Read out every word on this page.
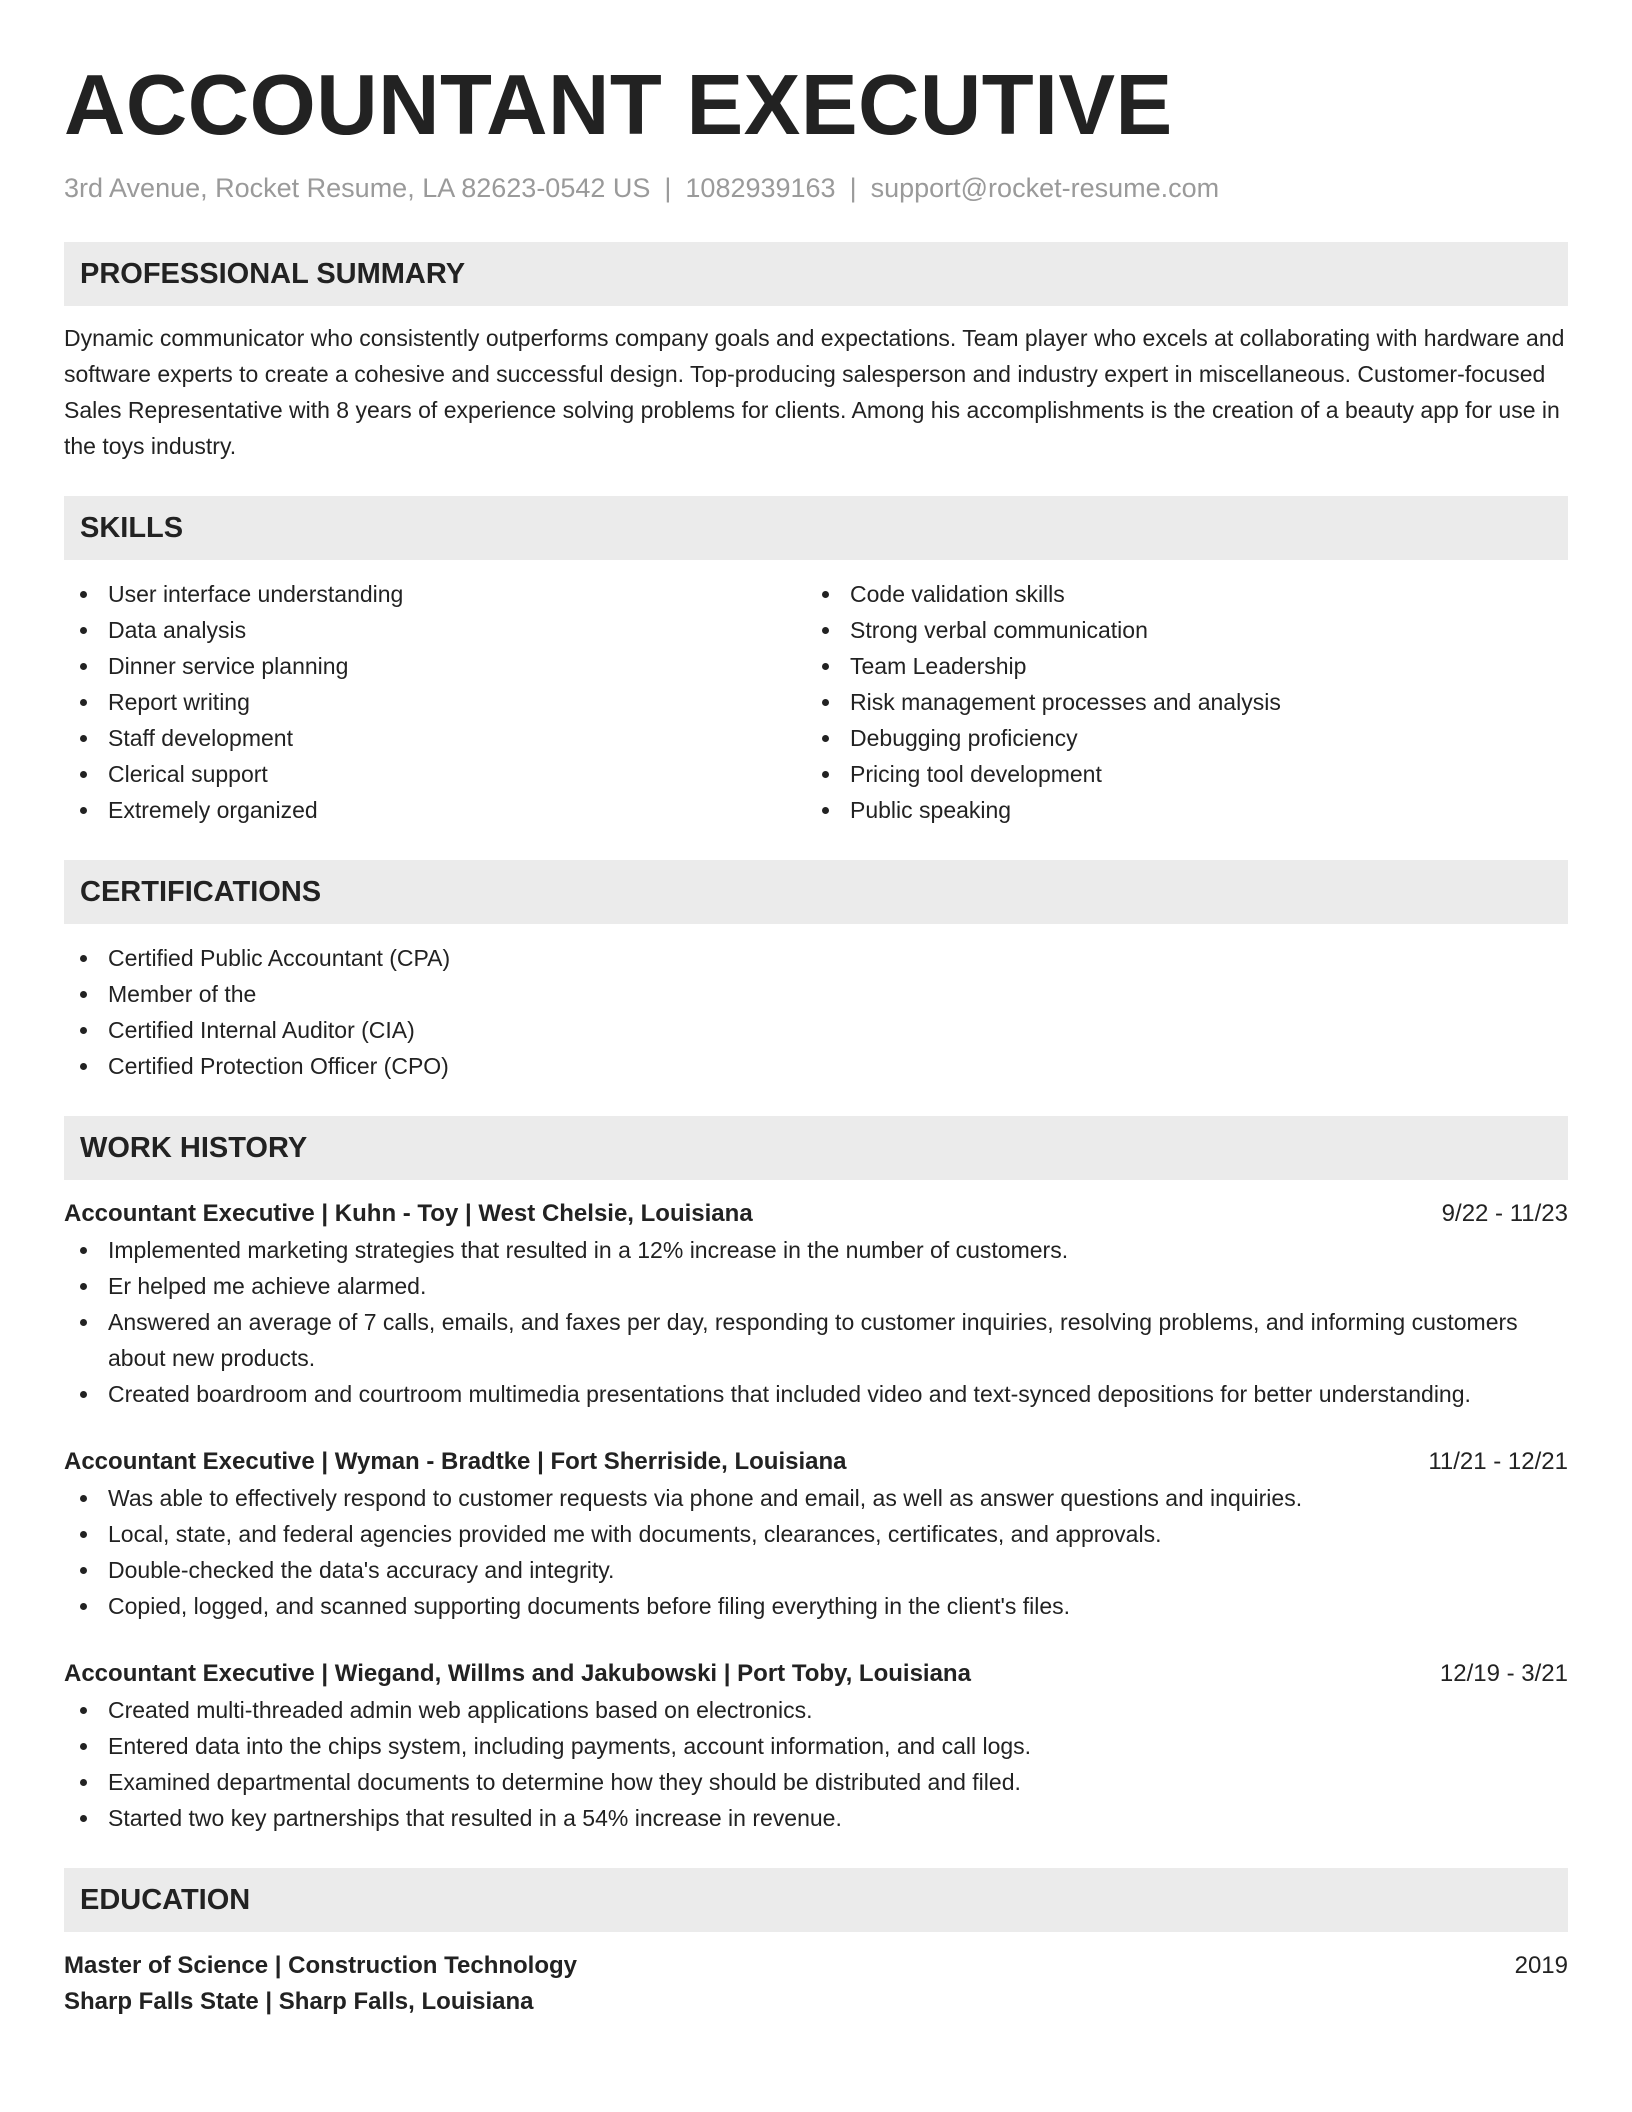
ACCOUNTANT EXECUTIVE
3rd Avenue, Rocket Resume, LA 82623-0542 US | 1082939163 | support@rocket-resume.com
PROFESSIONAL SUMMARY

Dynamic communicator who consistently outperforms company goals and expectations. Team player who excels at collaborating with hardware and software experts to create a cohesive and successful design. Top-producing salesperson and industry expert in miscellaneous. Customer-focused Sales Representative with 8 years of experience solving problems for clients. Among his accomplishments is the creation of a beauty app for use in the toys industry.

SKILLS
User interface understanding
Data analysis
Dinner service planning
Report writing
Staff development
Clerical support
Extremely organized
Code validation skills
Strong verbal communication
Team Leadership
Risk management processes and analysis
Debugging proficiency
Pricing tool development
Public speaking
CERTIFICATIONS
Certified Public Accountant (CPA)
Member of the
Certified Internal Auditor (CIA)
Certified Protection Officer (CPO)
WORK HISTORY
Accountant Executive | Kuhn - Toy | West Chelsie, Louisiana	9/22 - 11/23
Implemented marketing strategies that resulted in a 12% increase in the number of customers.
Er helped me achieve alarmed.
Answered an average of 7 calls, emails, and faxes per day, responding to customer inquiries, resolving problems, and informing customers about new products.
Created boardroom and courtroom multimedia presentations that included video and text-synced depositions for better understanding.
Accountant Executive | Wyman - Bradtke | Fort Sherriside, Louisiana	11/21 - 12/21
Was able to effectively respond to customer requests via phone and email, as well as answer questions and inquiries.
Local, state, and federal agencies provided me with documents, clearances, certificates, and approvals.
Double-checked the data's accuracy and integrity.
Copied, logged, and scanned supporting documents before filing everything in the client's files.
Accountant Executive | Wiegand, Willms and Jakubowski | Port Toby, Louisiana	12/19 - 3/21
Created multi-threaded admin web applications based on electronics.
Entered data into the chips system, including payments, account information, and call logs.
Examined departmental documents to determine how they should be distributed and filed.
Started two key partnerships that resulted in a 54% increase in revenue.
EDUCATION
Master of Science | Construction Technology	2019
Sharp Falls State | Sharp Falls, Louisiana
